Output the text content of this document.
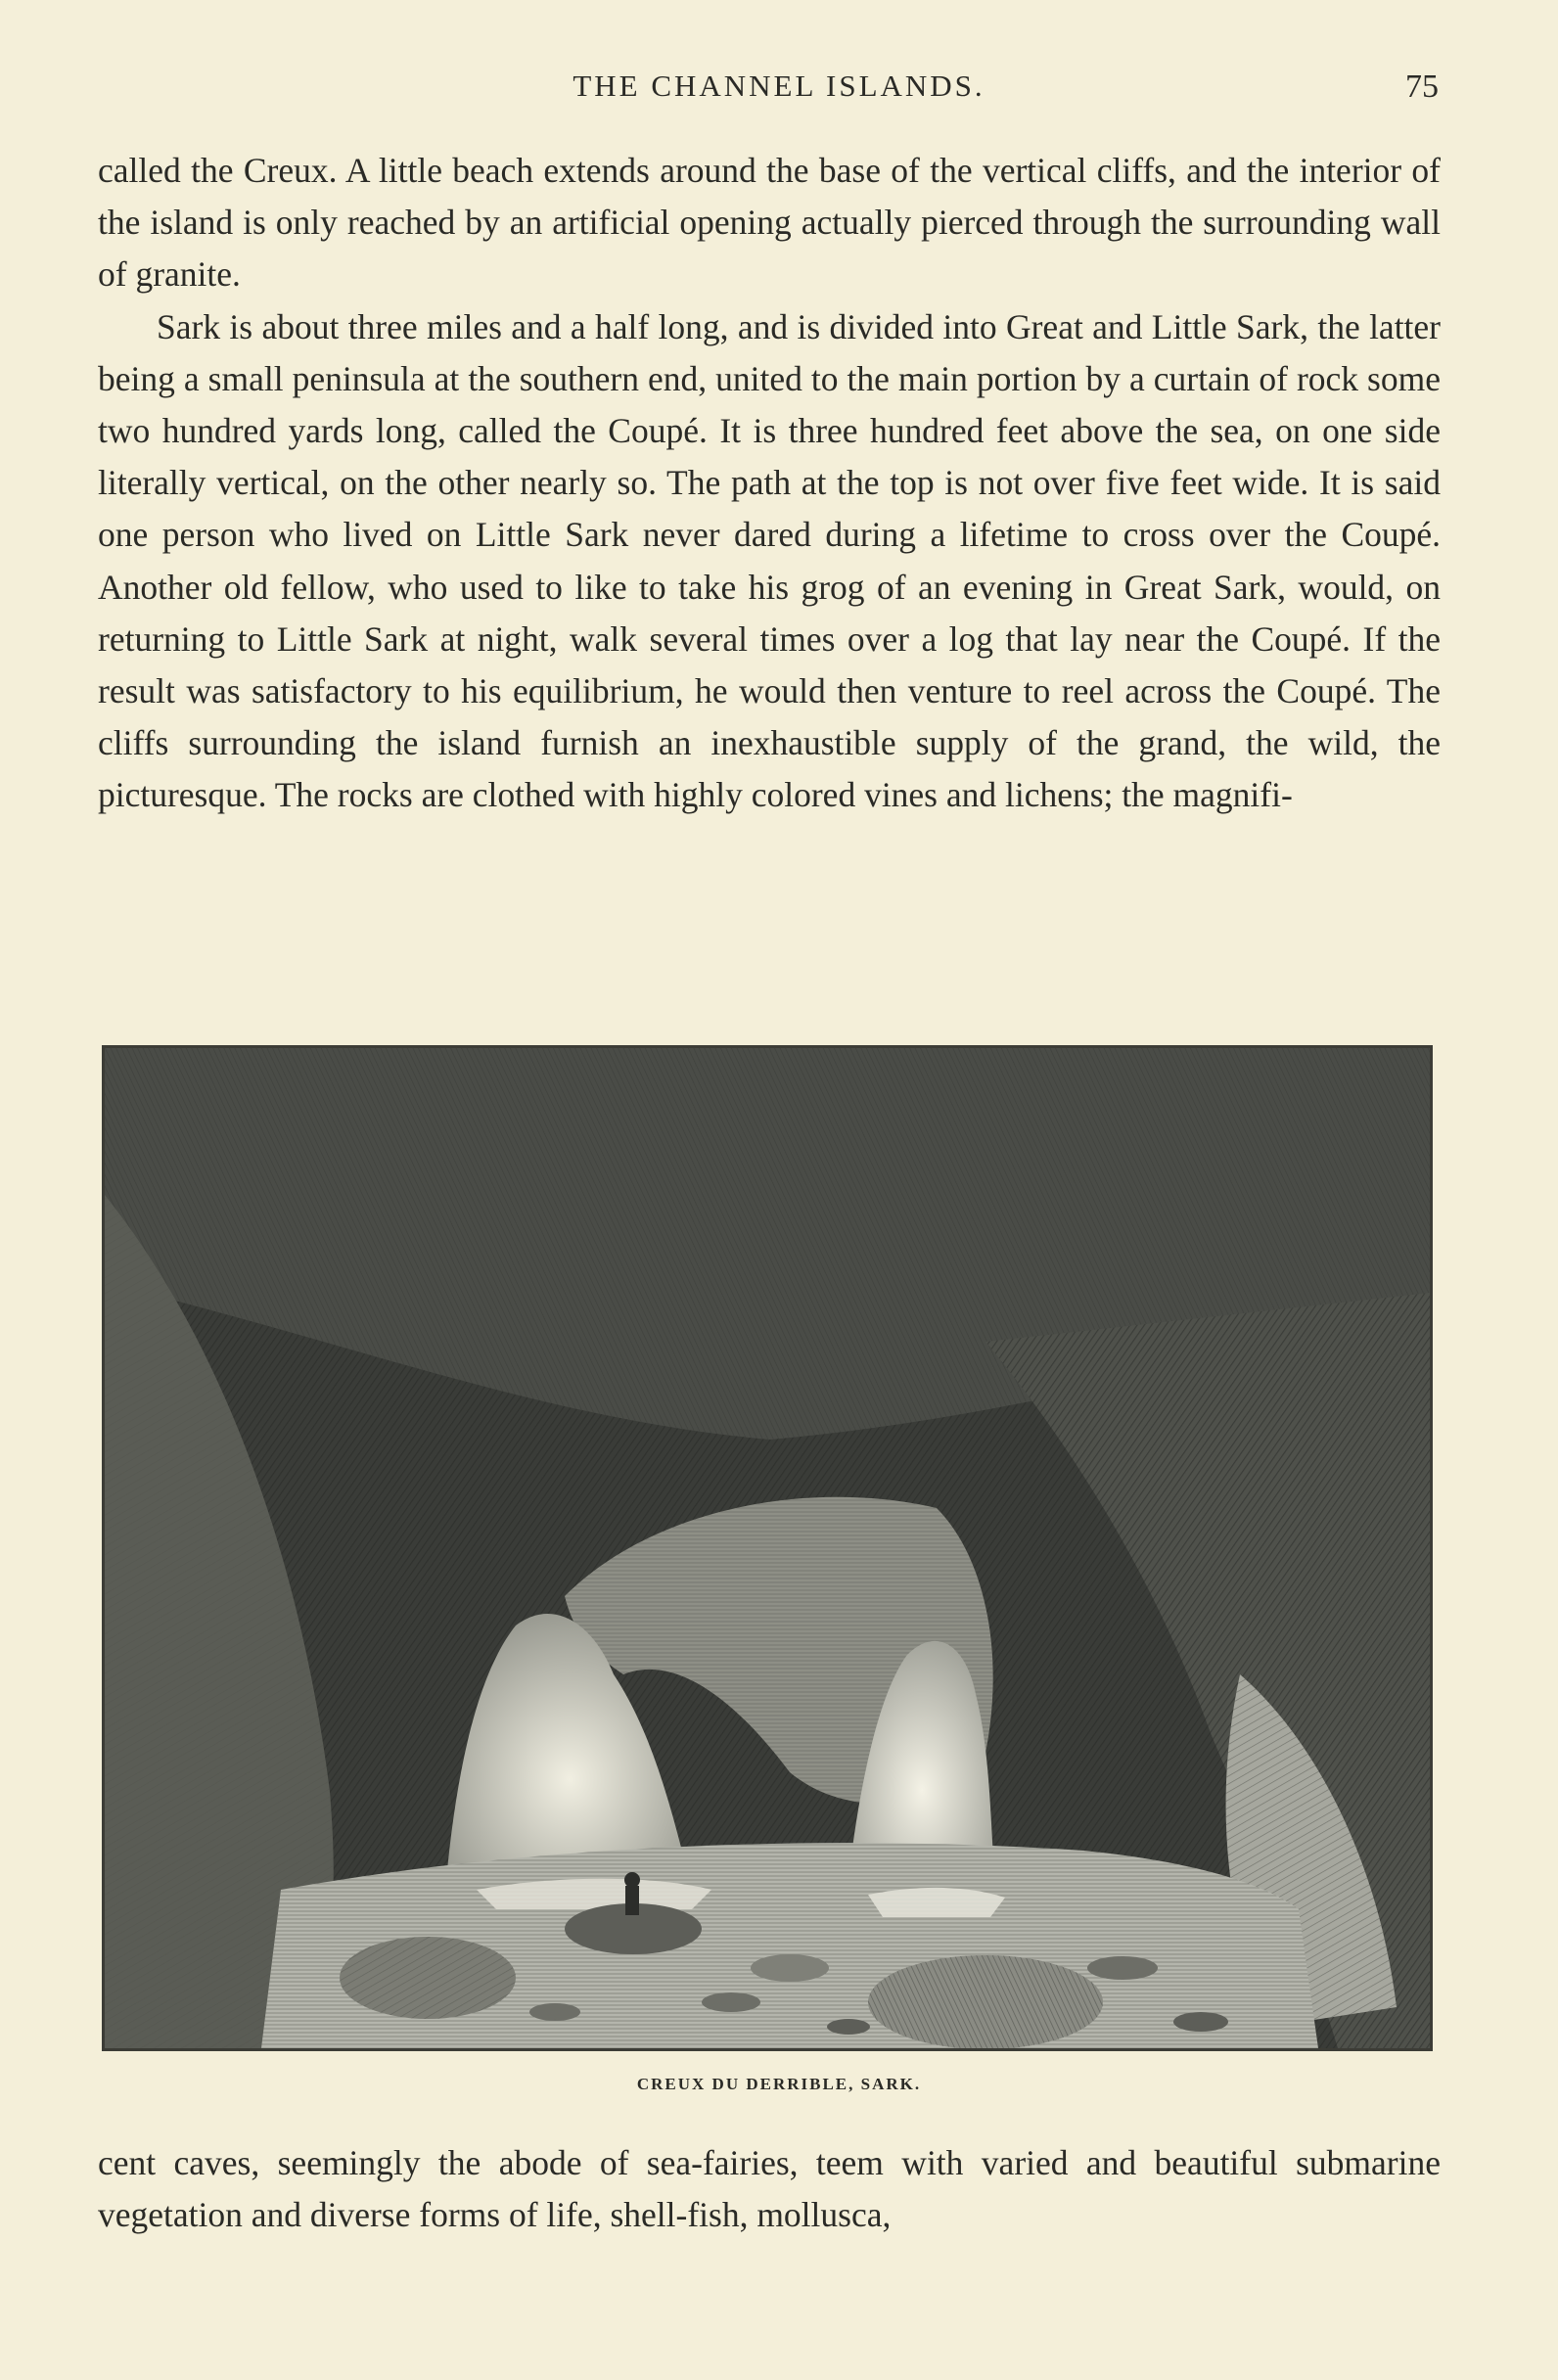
THE CHANNEL ISLANDS.	75

called the Creux. A little beach extends around the base of the vertical cliffs, and the interior of the island is only reached by an artificial opening actually pierced through the surrounding wall of granite.

Sark is about three miles and a half long, and is divided into Great and Little Sark, the latter being a small peninsula at the southern end, united to the main portion by a curtain of rock some two hundred yards long, called the Coupé. It is three hundred feet above the sea, on one side literally vertical, on the other nearly so. The path at the top is not over five feet wide. It is said one person who lived on Little Sark never dared during a lifetime to cross over the Coupé. Another old fellow, who used to like to take his grog of an evening in Great Sark, would, on returning to Little Sark at night, walk several times over a log that lay near the Coupé. If the result was satisfactory to his equilibrium, he would then venture to reel across the Coupé. The cliffs surrounding the island furnish an inexhaustible supply of the grand, the wild, the picturesque. The rocks are clothed with highly colored vines and lichens; the magnifi-

CREUX DU DERRIBLE, SARK.

cent caves, seemingly the abode of sea-fairies, teem with varied and beautiful submarine vegetation and diverse forms of life, shell-fish, mollusca,
